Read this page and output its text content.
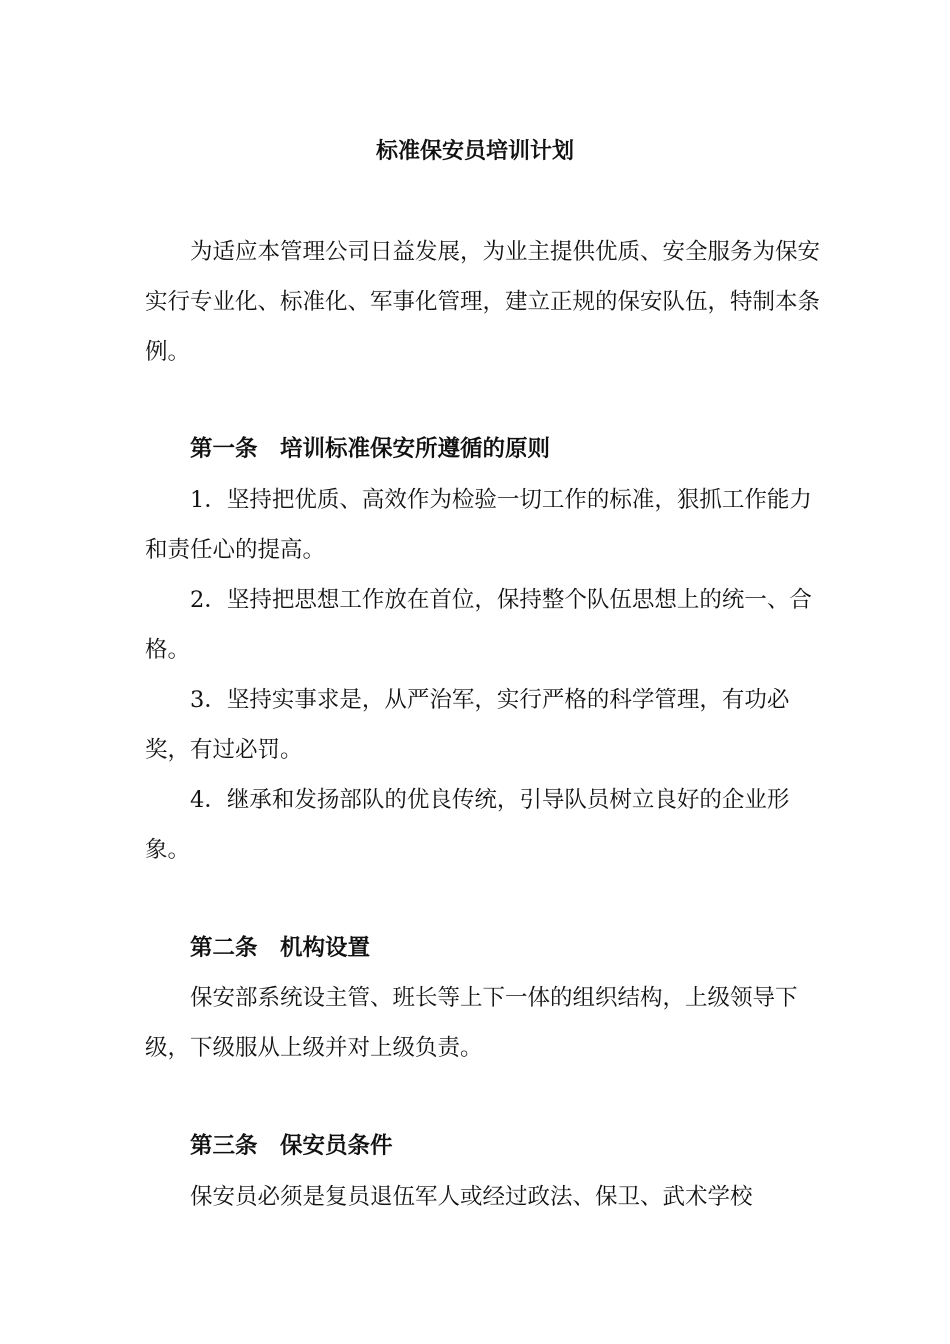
标准保安员培训计划
为适应本管理公司日益发展，为业主提供优质、安全服务为保安实行专业化、标准化、军事化管理，建立正规的保安队伍，特制本条例。
第一条　培训标准保安所遵循的原则
1．坚持把优质、高效作为检验一切工作的标准，狠抓工作能力和责任心的提高。
2．坚持把思想工作放在首位，保持整个队伍思想上的统一、合格。
3．坚持实事求是，从严治军，实行严格的科学管理，有功必奖，有过必罚。
4．继承和发扬部队的优良传统，引导队员树立良好的企业形象。
第二条　机构设置
保安部系统设主管、班长等上下一体的组织结构，上级领导下级，下级服从上级并对上级负责。
第三条　保安员条件
保安员必须是复员退伍军人或经过政法、保卫、武术学校
